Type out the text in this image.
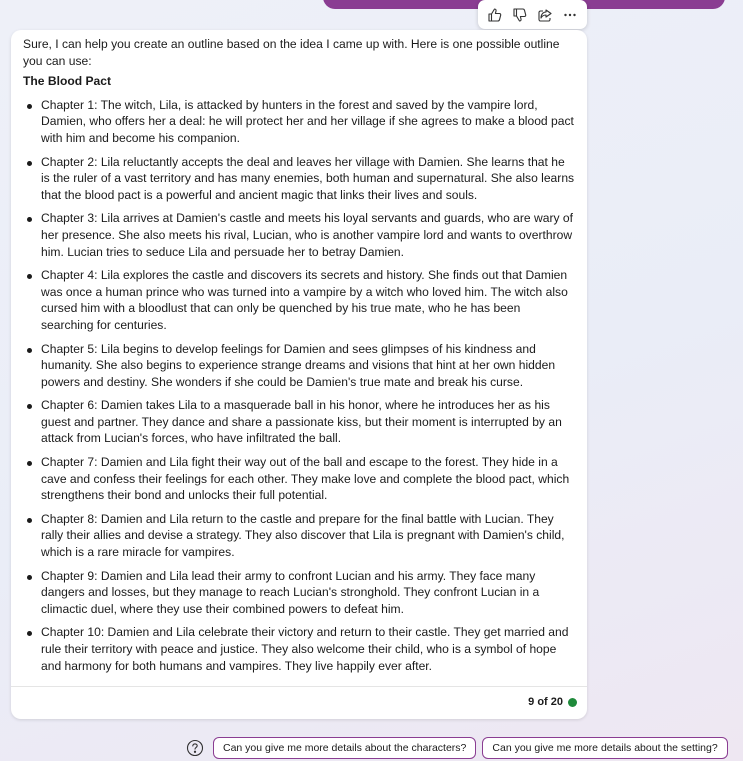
Sure, I can help you create an outline based on the idea I came up with. Here is one possible outline you can use:

The Blood Pact

Chapter 1: The witch, Lila, is attacked by hunters in the forest and saved by the vampire lord, Damien, who offers her a deal: he will protect her and her village if she agrees to make a blood pact with him and become his companion.
Chapter 2: Lila reluctantly accepts the deal and leaves her village with Damien. She learns that he is the ruler of a vast territory and has many enemies, both human and supernatural. She also learns that the blood pact is a powerful and ancient magic that links their lives and souls.
Chapter 3: Lila arrives at Damien's castle and meets his loyal servants and guards, who are wary of her presence. She also meets his rival, Lucian, who is another vampire lord and wants to overthrow him. Lucian tries to seduce Lila and persuade her to betray Damien.
Chapter 4: Lila explores the castle and discovers its secrets and history. She finds out that Damien was once a human prince who was turned into a vampire by a witch who loved him. The witch also cursed him with a bloodlust that can only be quenched by his true mate, who he has been searching for centuries.
Chapter 5: Lila begins to develop feelings for Damien and sees glimpses of his kindness and humanity. She also begins to experience strange dreams and visions that hint at her own hidden powers and destiny. She wonders if she could be Damien's true mate and break his curse.
Chapter 6: Damien takes Lila to a masquerade ball in his honor, where he introduces her as his guest and partner. They dance and share a passionate kiss, but their moment is interrupted by an attack from Lucian's forces, who have infiltrated the ball.
Chapter 7: Damien and Lila fight their way out of the ball and escape to the forest. They hide in a cave and confess their feelings for each other. They make love and complete the blood pact, which strengthens their bond and unlocks their full potential.
Chapter 8: Damien and Lila return to the castle and prepare for the final battle with Lucian. They rally their allies and devise a strategy. They also discover that Lila is pregnant with Damien's child, which is a rare miracle for vampires.
Chapter 9: Damien and Lila lead their army to confront Lucian and his army. They face many dangers and losses, but they manage to reach Lucian's stronghold. They confront Lucian in a climactic duel, where they use their combined powers to defeat him.
Chapter 10: Damien and Lila celebrate their victory and return to their castle. They get married and rule their territory with peace and justice. They also welcome their child, who is a symbol of hope and harmony for both humans and vampires. They live happily ever after.
9 of 20
Can you give me more details about the characters?	Can you give me more details about the setting?
